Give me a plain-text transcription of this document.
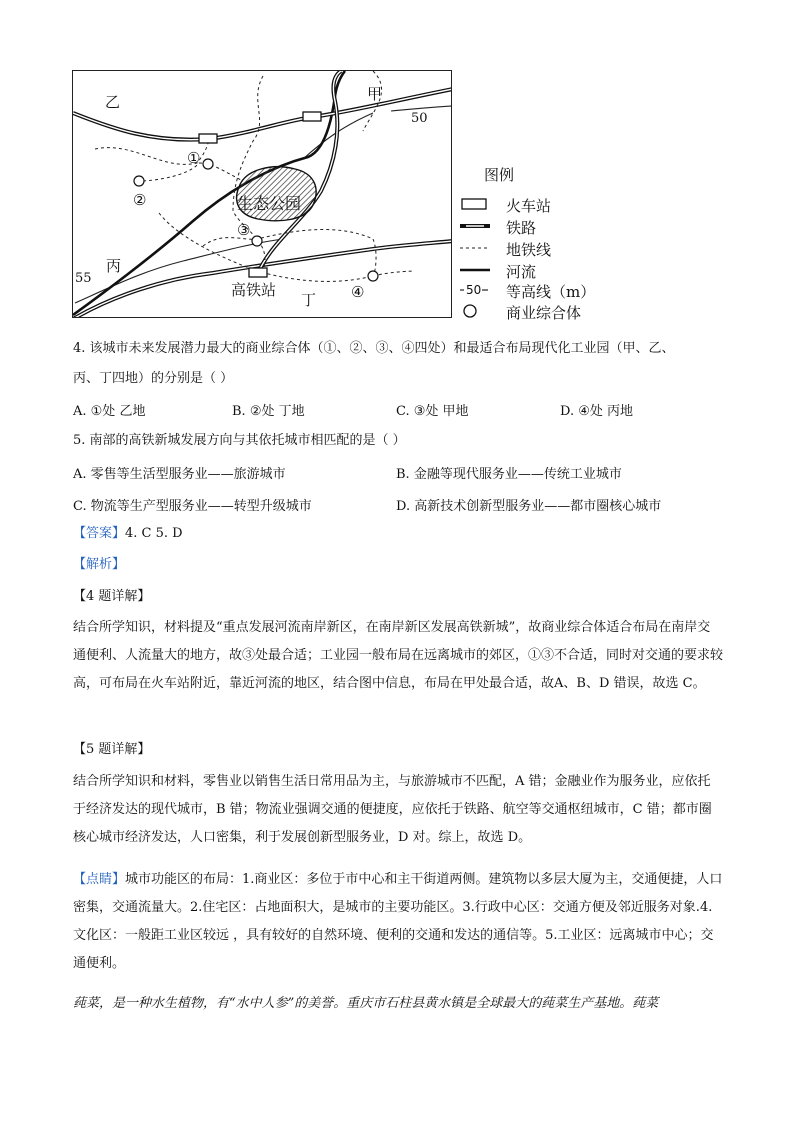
甲
乙
丙
丁
50
55
生态公园
高铁站
①
②
③
④
图例
火车站
铁路
地铁线
河流
50 等高线（m）
商业综合体
4. 该城市未来发展潜力最大的商业综合体（①、②、③、④四处）和最适合布局现代化工业园（甲、乙、
丙、丁四地）的分别是（ ）
A. ①处 乙地	B. ②处 丁地	C. ③处 甲地	D. ④处 丙地
5. 南部的高铁新城发展方向与其依托城市相匹配的是（ ）
A. 零售等生活型服务业——旅游城市	B. 金融等现代服务业——传统工业城市
C. 物流等生产型服务业——转型升级城市	D. 高新技术创新型服务业——都市圈核心城市
【答案】4. C 5. D
【解析】
【4 题详解】
结合所学知识，材料提及“重点发展河流南岸新区，在南岸新区发展高铁新城”，故商业综合体适合布局在南岸交通便利、人流量大的地方，故③处最合适；工业园一般布局在远离城市的郊区，①③不合适，同时对交通的要求较高，可布局在火车站附近，靠近河流的地区，结合图中信息，布局在甲处最合适，故A、B、D 错误，故选 C。
【5 题详解】
结合所学知识和材料，零售业以销售生活日常用品为主，与旅游城市不匹配，A 错；金融业作为服务业，应依托于经济发达的现代城市，B 错；物流业强调交通的便捷度，应依托于铁路、航空等交通枢纽城市，C 错；都市圈核心城市经济发达，人口密集，利于发展创新型服务业，D 对。综上，故选 D。
【点睛】城市功能区的布局：1.商业区：多位于市中心和主干街道两侧。建筑物以多层大厦为主，交通便捷，人口密集，交通流量大。2.住宅区：占地面积大，是城市的主要功能区。3.行政中心区：交通方便及邻近服务对象.4.文化区：一般距工业区较远 ，具有较好的自然环境、便利的交通和发达的通信等。5.工业区：远离城市中心；交通便利。
莼菜，是一种水生植物，有“水中人参”的美誉。重庆市石柱县黄水镇是全球最大的莼菜生产基地。莼菜
